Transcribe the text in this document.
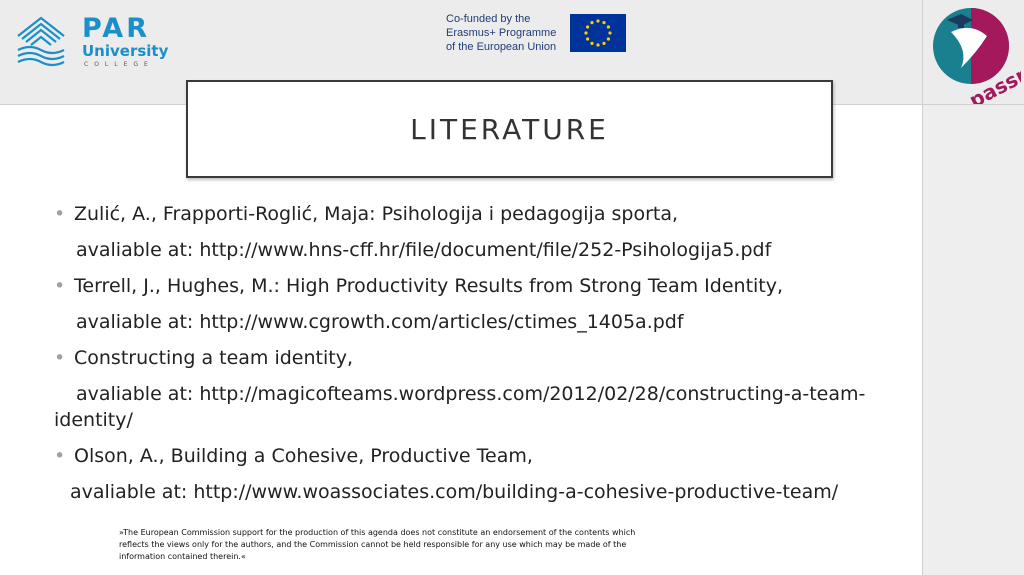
PAR
University
COLLEGE
Co-funded by the
Erasmus+ Programme
of the European Union
LITERATURE
• Zulić, A., Frapporti-Roglić, Maja: Psihologija i pedagogija sporta,
avaliable at: http://www.hns-cff.hr/file/document/file/252-Psihologija5.pdf
• Terrell, J., Hughes, M.: High Productivity Results from Strong Team Identity,
avaliable at: http://www.cgrowth.com/articles/ctimes_1405a.pdf
• Constructing a team identity,
avaliable at: http://magicofteams.wordpress.com/2012/02/28/constructing-a-team-identity/
• Olson, A., Building a Cohesive, Productive Team,
avaliable at: http://www.woassociates.com/building-a-cohesive-productive-team/
»The European Commission support for the production of this agenda does not constitute an endorsement of the contents which reflects the views only for the authors, and the Commission cannot be held responsible for any use which may be made of the information contained therein.«
